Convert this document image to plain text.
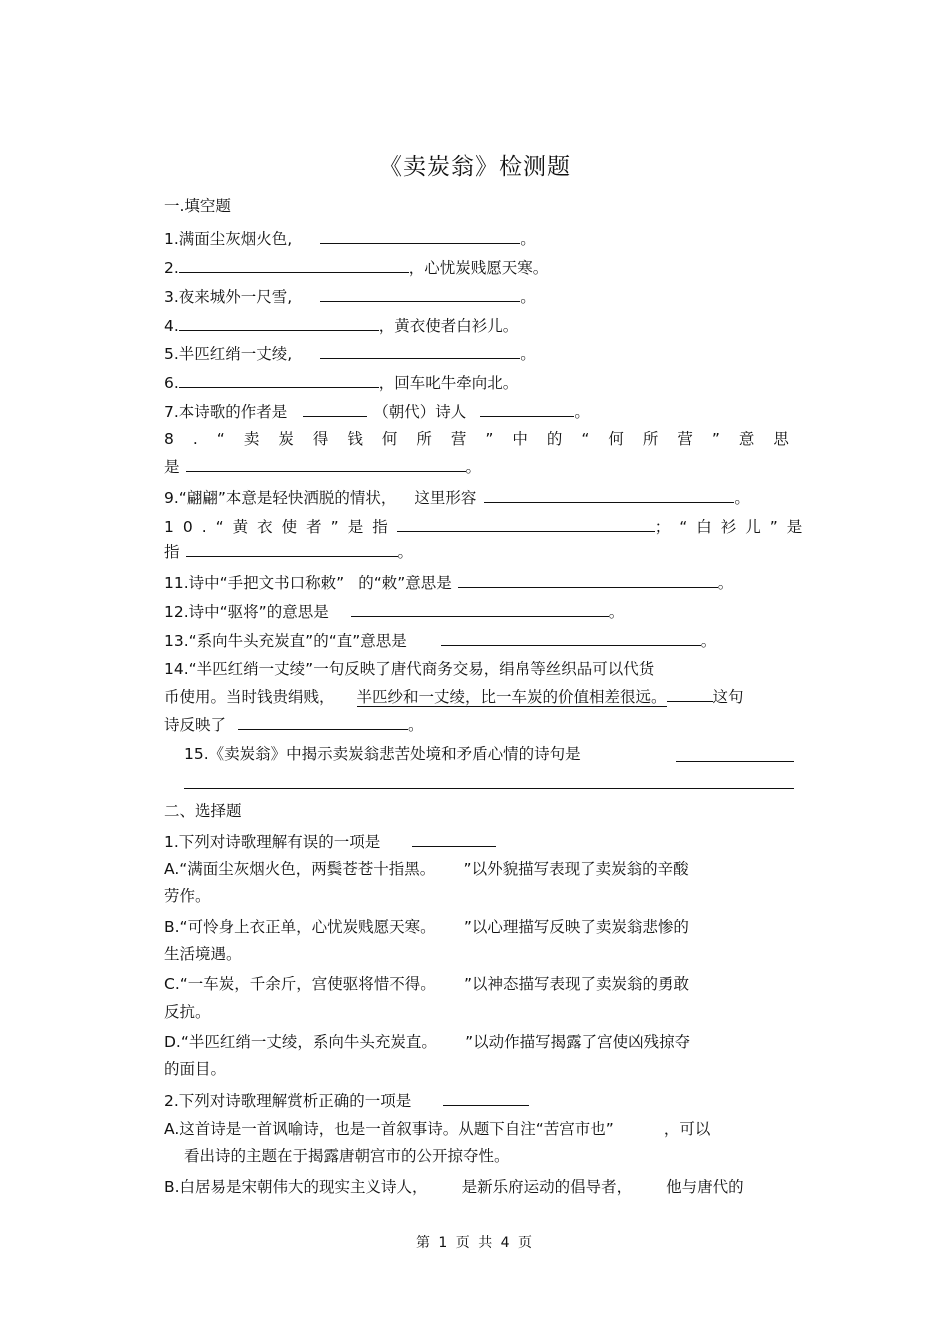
《卖炭翁》检测题
一.填空题
1.满面尘灰烟火色,	。
2.	，心忧炭贱愿天寒。
3.夜来城外一尺雪,	。
4.	，黄衣使者白衫儿。
5.半匹红绡一丈绫,	。
6.	，回车叱牛牵向北。
7.本诗歌的作者是	（朝代）诗人	。
8.“卖炭得钱何所营”中的“何所营”意思
是	。
9.“翩翩”本意是轻快洒脱的情状， 这里形容	。
10.“黄衣使者”是指	；“白衫儿”是
指	。
11.诗中“手把文书口称敕” 的“敕”意思是	。
12.诗中“驱将”的意思是	。
13.“系向牛头充炭直”的“直”意思是	。
14.“半匹红绡一丈绫”一句反映了唐代商务交易，绢帛等丝织品可以代货
币使用。当时钱贵绢贱， 半匹纱和一丈绫，比一车炭的价值相差很远。	这句
诗反映了	。
15.《卖炭翁》中揭示卖炭翁悲苦处境和矛盾心情的诗句是
二、选择题
1.下列对诗歌理解有误的一项是
A.“满面尘灰烟火色，两鬓苍苍十指黑。 ”以外貌描写表现了卖炭翁的辛酸
劳作。
B.“可怜身上衣正单，心忧炭贱愿天寒。 ”以心理描写反映了卖炭翁悲惨的
生活境遇。
C.“一车炭，千余斤，宫使驱将惜不得。 ”以神态描写表现了卖炭翁的勇敢
反抗。
D.“半匹红绡一丈绫，系向牛头充炭直。 ”以动作描写揭露了宫使凶残掠夺
的面目。
2.下列对诗歌理解赏析正确的一项是
A.这首诗是一首讽喻诗，也是一首叙事诗。从题下自注“苦宫市也”	，可以
看出诗的主题在于揭露唐朝宫市的公开掠夺性。
B.白居易是宋朝伟大的现实主义诗人， 是新乐府运动的倡导者， 他与唐代的
第 1 页 共 4 页
